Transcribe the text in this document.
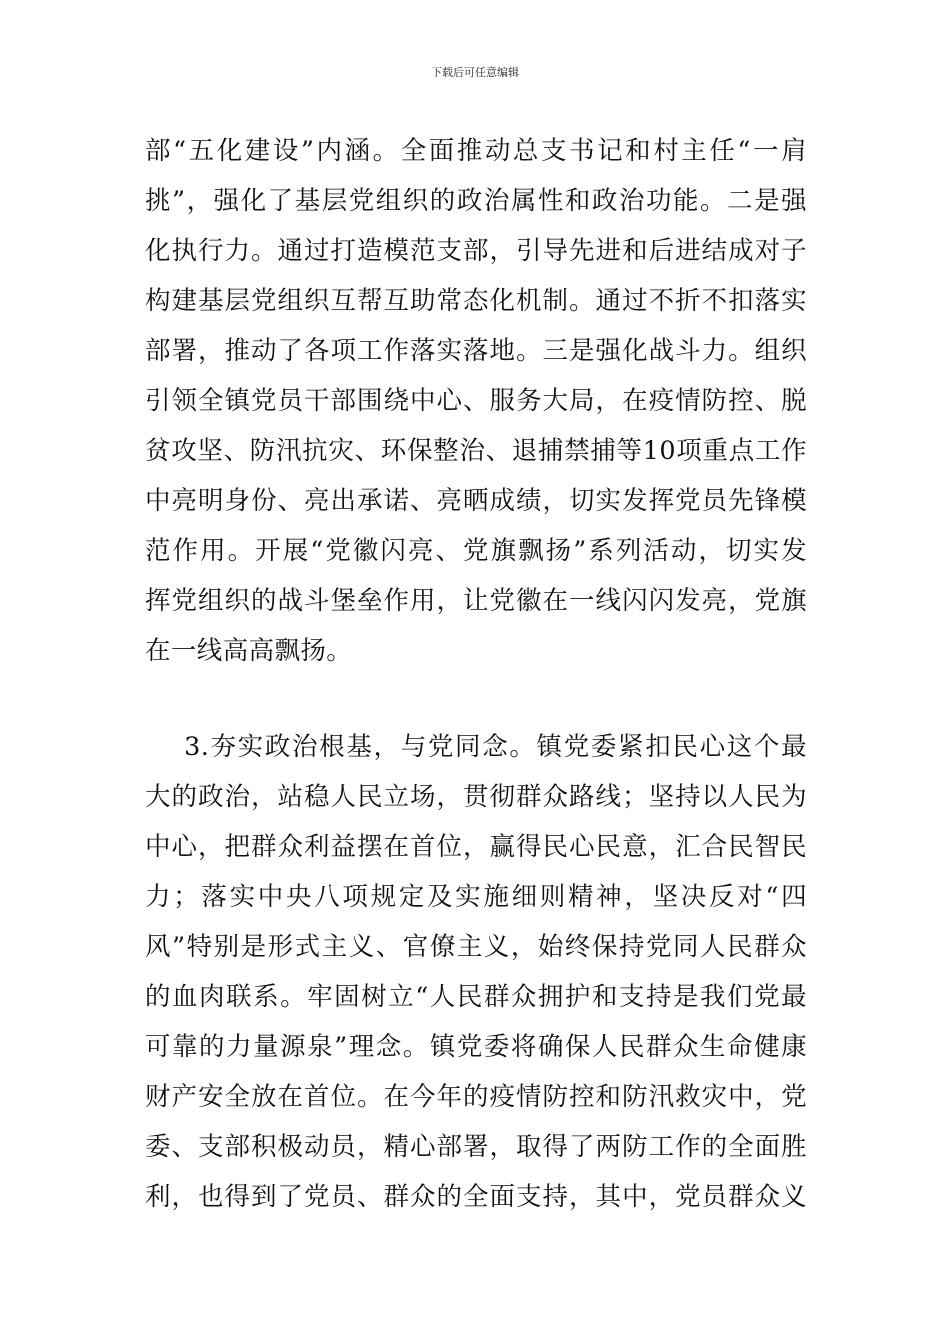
下载后可任意编辑
部“五化建设”内涵。全面推动总支书记和村主任“一肩
挑”，强化了基层党组织的政治属性和政治功能。二是强
化执行力。通过打造模范支部，引导先进和后进结成对子
构建基层党组织互帮互助常态化机制。通过不折不扣落实
部署，推动了各项工作落实落地。三是强化战斗力。组织
引领全镇党员干部围绕中心、服务大局，在疫情防控、脱
贫攻坚、防汛抗灾、环保整治、退捕禁捕等10项重点工作
中亮明身份、亮出承诺、亮晒成绩，切实发挥党员先锋模
范作用。开展“党徽闪亮、党旗飘扬”系列活动，切实发
挥党组织的战斗堡垒作用，让党徽在一线闪闪发亮，党旗
在一线高高飘扬。
3.夯实政治根基，与党同念。镇党委紧扣民心这个最
大的政治，站稳人民立场，贯彻群众路线；坚持以人民为
中心，把群众利益摆在首位，赢得民心民意，汇合民智民
力；落实中央八项规定及实施细则精神，坚决反对“四
风”特别是形式主义、官僚主义，始终保持党同人民群众
的血肉联系。牢固树立“人民群众拥护和支持是我们党最
可靠的力量源泉”理念。镇党委将确保人民群众生命健康
财产安全放在首位。在今年的疫情防控和防汛救灾中，党
委、支部积极动员，精心部署，取得了两防工作的全面胜
利，也得到了党员、群众的全面支持，其中，党员群众义
